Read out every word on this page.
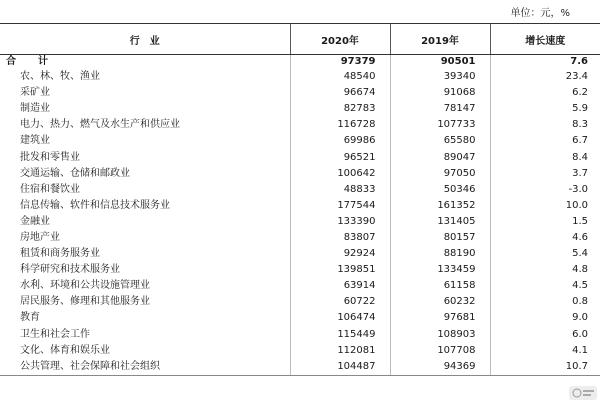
单位：元，%
行　业	2020年	2019年	增长速度
合　计	97379	90501	7.6
农、林、牧、渔业	48540	39340	23.4
采矿业	96674	91068	6.2
制造业	82783	78147	5.9
电力、热力、燃气及水生产和供应业	116728	107733	8.3
建筑业	69986	65580	6.7
批发和零售业	96521	89047	8.4
交通运输、仓储和邮政业	100642	97050	3.7
住宿和餐饮业	48833	50346	-3.0
信息传输、软件和信息技术服务业	177544	161352	10.0
金融业	133390	131405	1.5
房地产业	83807	80157	4.6
租赁和商务服务业	92924	88190	5.4
科学研究和技术服务业	139851	133459	4.8
水利、环境和公共设施管理业	63914	61158	4.5
居民服务、修理和其他服务业	60722	60232	0.8
教育	106474	97681	9.0
卫生和社会工作	115449	108903	6.0
文化、体育和娱乐业	112081	107708	4.1
公共管理、社会保障和社会组织	104487	94369	10.7
